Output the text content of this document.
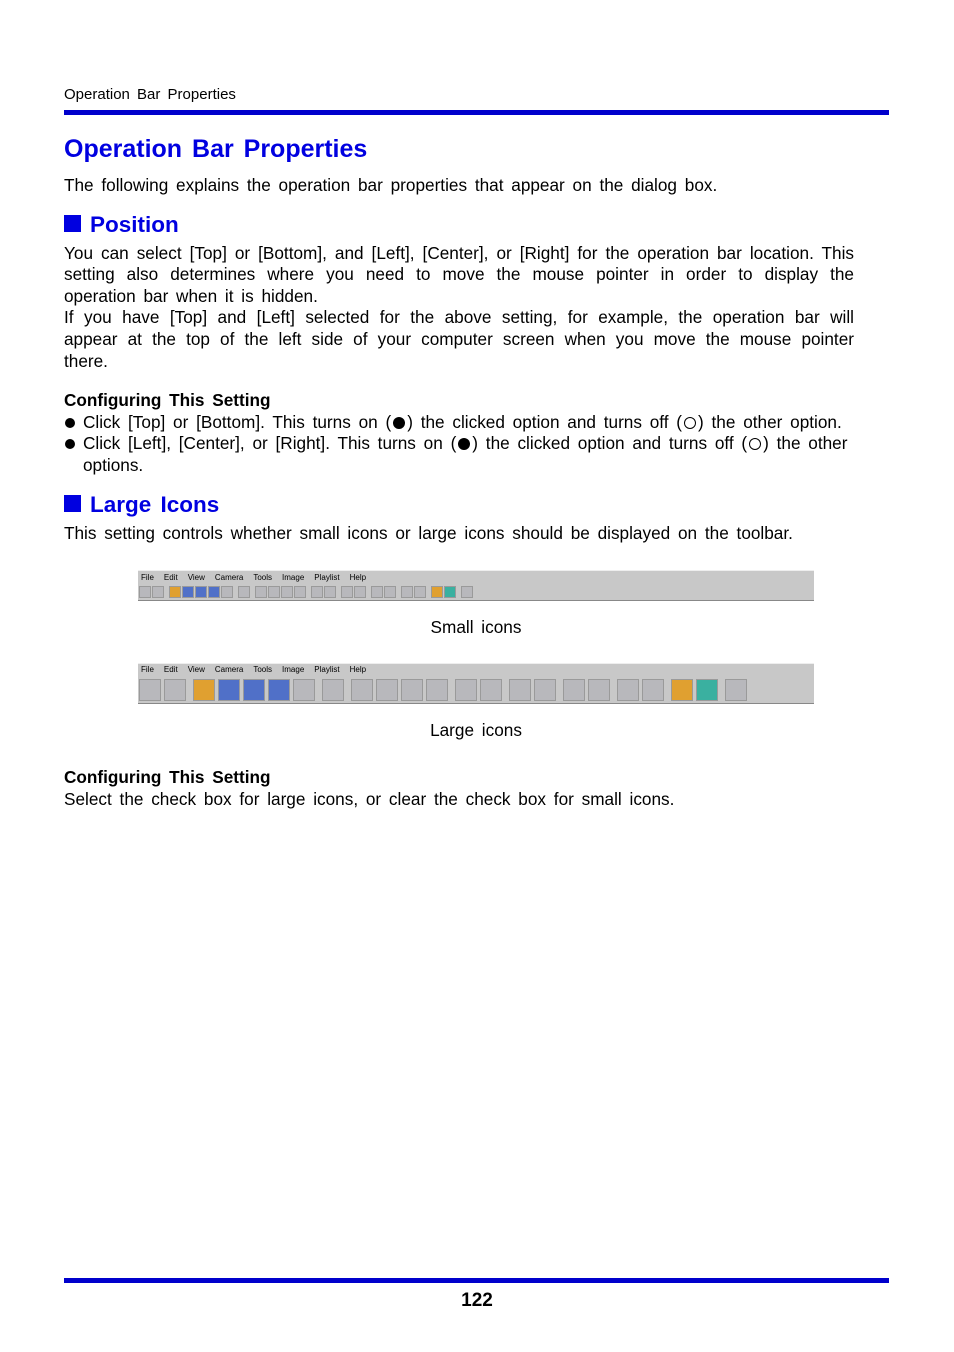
Operation Bar Properties
Operation Bar Properties

The following explains the operation bar properties that appear on the dialog box.

Position

You can select [Top] or [Bottom], and [Left], [Center], or [Right] for the operation bar location. This setting also determines where you need to move the mouse pointer in order to display the operation bar when it is hidden.

If you have [Top] and [Left] selected for the above setting, for example, the operation bar will appear at the top of the left side of your computer screen when you move the mouse pointer there.

Configuring This Setting

Click [Top] or [Bottom]. This turns on ( ) the clicked option and turns off ( ) the other option.
Click [Left], [Center], or [Right]. This turns on ( ) the clicked option and turns off ( ) the other options.
Large Icons

This setting controls whether small icons or large icons should be displayed on the toolbar.

File Edit View Camera Tools Image Playlist Help

Small icons

File Edit View Camera Tools Image Playlist Help

Large icons

Configuring This Setting

Select the check box for large icons, or clear the check box for small icons.

122
